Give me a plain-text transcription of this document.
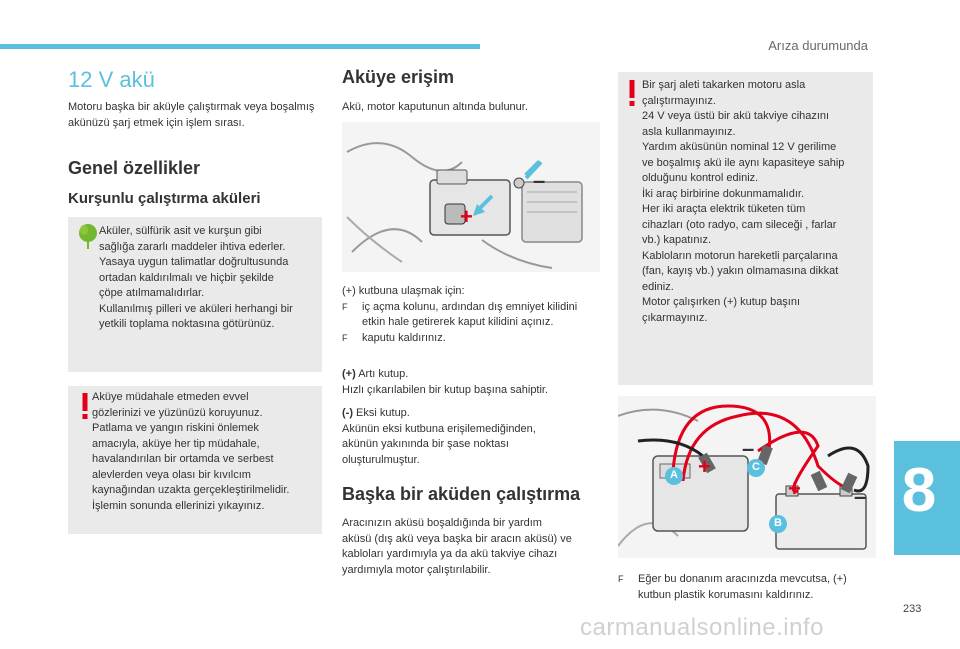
Arıza durumunda
12 V akü
Motoru başka bir aküyle çalıştırmak veya boşalmış akünüzü şarj etmek için işlem sırası.
Genel özellikler
Kurşunlu çalıştırma aküleri
Aküler, sülfürik asit ve kurşun gibi
sağlığa zararlı maddeler ihtiva ederler.
Yasaya uygun talimatlar doğrultusunda
ortadan kaldırılmalı ve hiçbir şekilde
çöpe atılmamalıdırlar.
Kullanılmış pilleri ve aküleri herhangi bir
yetkili toplama noktasına götürünüz.
Aküye müdahale etmeden evvel
gözlerinizi ve yüzünüzü koruyunuz.
Patlama ve yangın riskini önlemek
amacıyla, aküye her tip müdahale,
havalandırılan bir ortamda ve serbest
alevlerden veya olası bir kıvılcım
kaynağından uzakta gerçekleştirilmelidir.
İşlemin sonunda ellerinizi yıkayınız.
Aküye erişim
Akü, motor kaputunun altında bulunur.
+
–
(+) kutbuna ulaşmak için:
F iç açma kolunu, ardından dış emniyet kilidini
etkin hale getirerek kaput kilidini açınız.
F kaputu kaldırınız.
(+) Artı kutup.
Hızlı çıkarılabilen bir kutup başına sahiptir.
(-) Eksi kutup.
Akünün eksi kutbuna erişilemediğinden,
akünün yakınında bir şase noktası
oluşturulmuştur.
Başka bir aküden çalıştırma
Aracınızın aküsü boşaldığında bir yardım
aküsü (dış akü veya başka bir aracın aküsü) ve
kabloları yardımıyla ya da akü takviye cihazı
yardımıyla motor çalıştırılabilir.
Bir şarj aleti takarken motoru asla
çalıştırmayınız.
24 V veya üstü bir akü takviye cihazını
asla kullanmayınız.
Yardım aküsünün nominal 12 V gerilime
ve boşalmış akü ile aynı kapasiteye sahip
olduğunu kontrol ediniz.
İki araç birbirine dokunmamalıdır.
Her iki araçta elektrik tüketen tüm
cihazları (oto radyo, cam sileceği , farlar
vb.) kapatınız.
Kabloların motorun hareketli parçalarına
(fan, kayış vb.) yakın olmamasına dikkat
ediniz.
Motor çalışırken (+) kutup başını
çıkarmayınız.
A
C
B
+
+
–
–
F Eğer bu donanım aracınızda mevcutsa, (+)
kutbun plastik korumasını kaldırınız.
8
233
carmanualsonline.info
